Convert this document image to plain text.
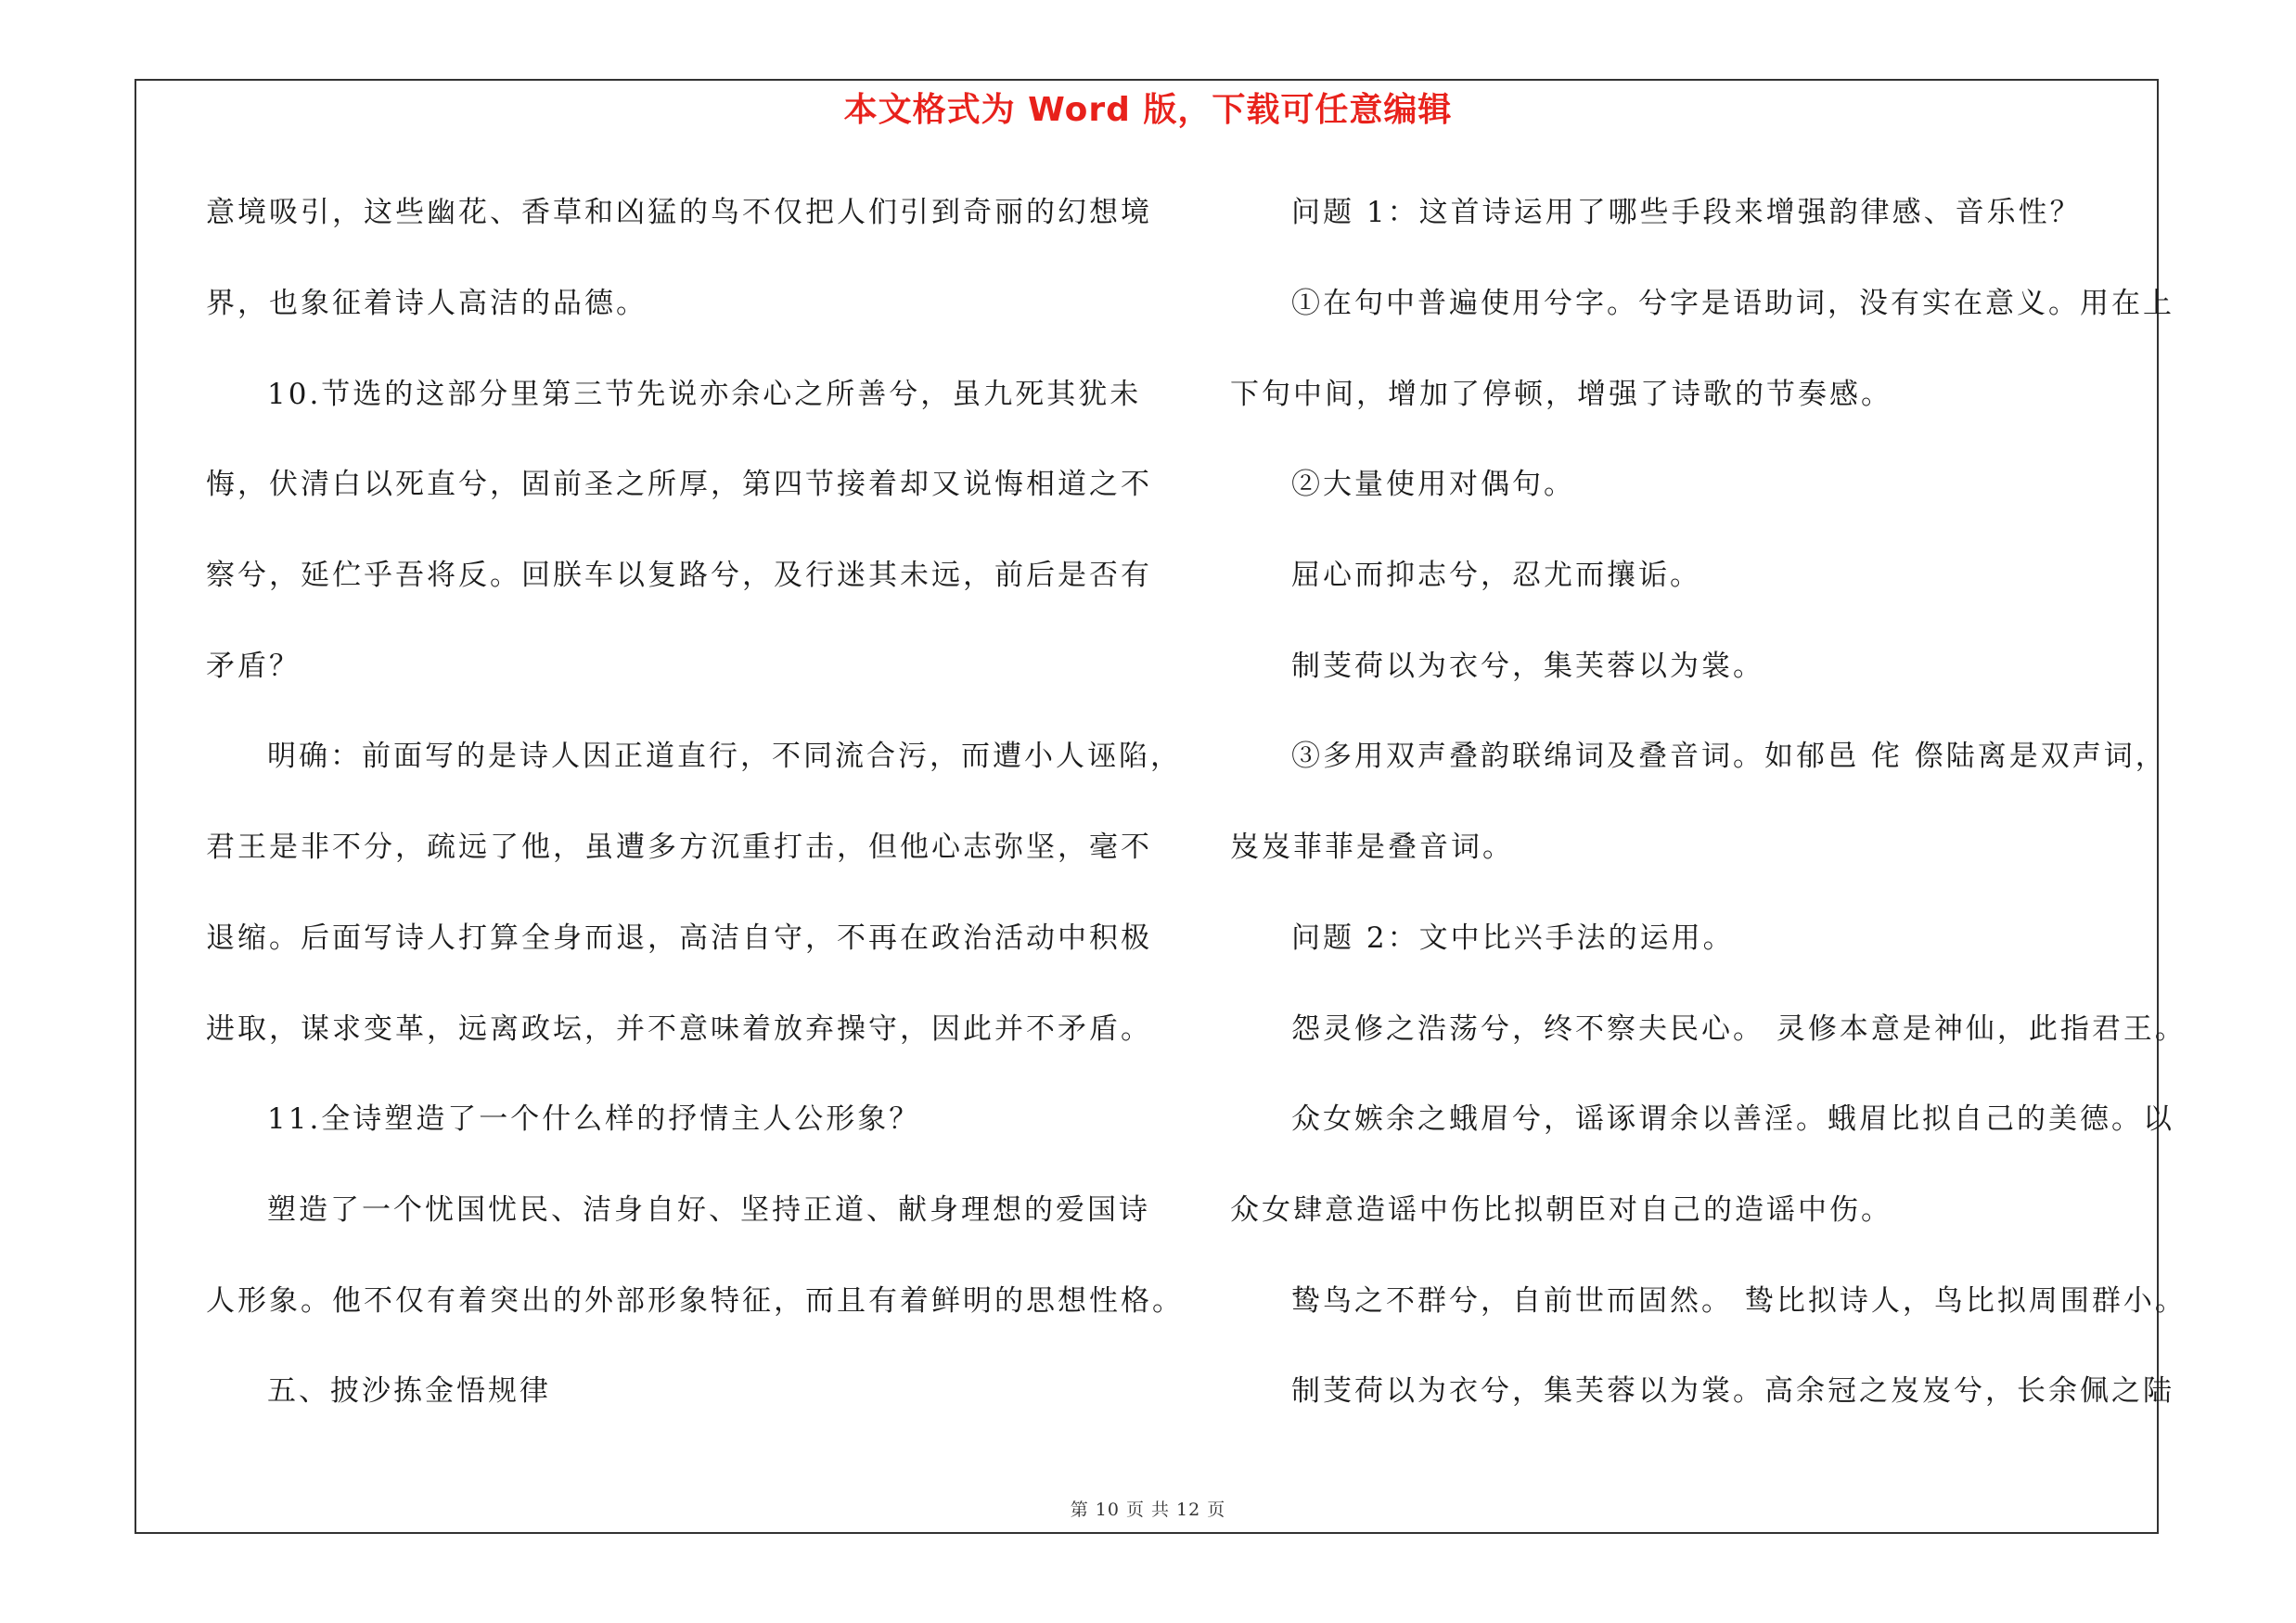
本文格式为 Word 版，下载可任意编辑
意境吸引，这些幽花、香草和凶猛的鸟不仅把人们引到奇丽的幻想境
界，也象征着诗人高洁的品德。
10.节选的这部分里第三节先说亦余心之所善兮，虽九死其犹未
悔，伏清白以死直兮，固前圣之所厚，第四节接着却又说悔相道之不
察兮，延伫乎吾将反。回朕车以复路兮，及行迷其未远，前后是否有
矛盾？
明确：前面写的是诗人因正道直行，不同流合污，而遭小人诬陷，
君王是非不分，疏远了他，虽遭多方沉重打击，但他心志弥坚，毫不
退缩。后面写诗人打算全身而退，高洁自守，不再在政治活动中积极
进取，谋求变革，远离政坛，并不意味着放弃操守，因此并不矛盾。
11.全诗塑造了一个什么样的抒情主人公形象？
塑造了一个忧国忧民、洁身自好、坚持正道、献身理想的爱国诗
人形象。他不仅有着突出的外部形象特征，而且有着鲜明的思想性格。
五、披沙拣金悟规律
问题 1：这首诗运用了哪些手段来增强韵律感、音乐性？
①在句中普遍使用兮字。兮字是语助词，没有实在意义。用在上
下句中间，增加了停顿，增强了诗歌的节奏感。
②大量使用对偶句。
屈心而抑志兮，忍尤而攘诟。
制芰荷以为衣兮，集芙蓉以为裳。
③多用双声叠韵联绵词及叠音词。如郁邑 侘 傺陆离是双声词，
岌岌菲菲是叠音词。
问题 2：文中比兴手法的运用。
怨灵修之浩荡兮，终不察夫民心。 灵修本意是神仙，此指君王。
众女嫉余之蛾眉兮，谣诼谓余以善淫。蛾眉比拟自己的美德。以
众女肆意造谣中伤比拟朝臣对自己的造谣中伤。
鸷鸟之不群兮，自前世而固然。 鸷比拟诗人，鸟比拟周围群小。
制芰荷以为衣兮，集芙蓉以为裳。高余冠之岌岌兮，长余佩之陆
第 10 页 共 12 页
